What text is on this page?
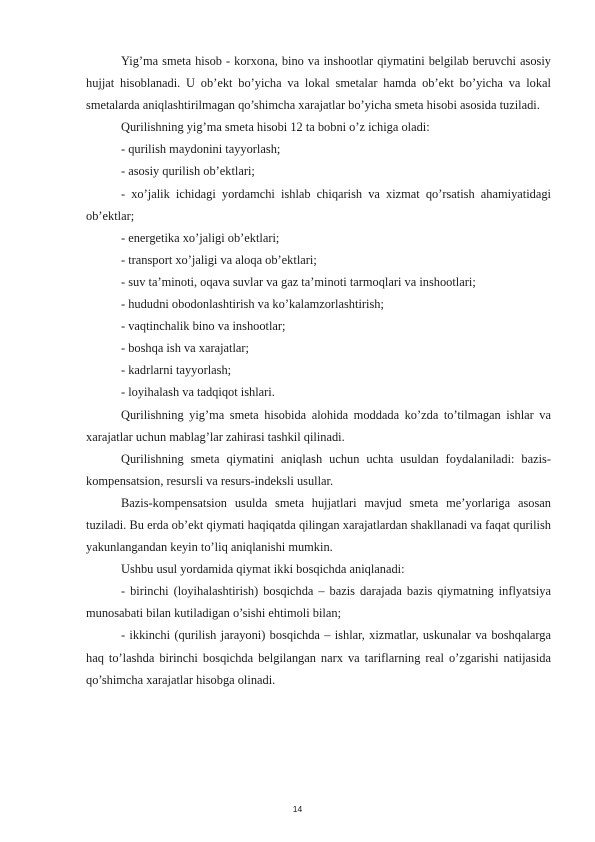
Yig’ma smeta hisob - korxona, bino va inshootlar qiymatini belgilab beruvchi asosiy hujjat hisoblanadi. U ob’ekt bo’yicha va lokal smetalar hamda ob’ekt bo’yicha va lokal smetalarda aniqlashtirilmagan qo’shimcha xarajatlar bo’yicha smeta hisobi asosida tuziladi.

Qurilishning yig’ma smeta hisobi 12 ta bobni o’z ichiga oladi:

- qurilish maydonini tayyorlash;

- asosiy qurilish ob’ektlari;

- xo’jalik ichidagi yordamchi ishlab chiqarish va xizmat qo’rsatish ahamiyatidagi ob’ektlar;

- energetika xo’jaligi ob’ektlari;

- transport xo’jaligi va aloqa ob’ektlari;

- suv ta’minoti, oqava suvlar va gaz ta’minoti tarmoqlari va inshootlari;

- hududni obodonlashtirish va ko’kalamzorlashtirish;

- vaqtinchalik bino va inshootlar;

- boshqa ish va xarajatlar;

- kadrlarni tayyorlash;

- loyihalash va tadqiqot ishlari.

Qurilishning yig’ma smeta hisobida alohida moddada ko’zda to’tilmagan ishlar va xarajatlar uchun mablag’lar zahirasi tashkil qilinadi.

Qurilishning smeta qiymatini aniqlash uchun uchta usuldan foydalaniladi: bazis-kompensatsion, resursli va resurs-indeksli usullar.

Bazis-kompensatsion usulda smeta hujjatlari mavjud smeta me’yorlariga asosan tuziladi. Bu erda ob’ekt qiymati haqiqatda qilingan xarajatlardan shakllanadi va faqat qurilish yakunlangandan keyin to’liq aniqlanishi mumkin.

Ushbu usul yordamida qiymat ikki bosqichda aniqlanadi:

- birinchi (loyihalashtirish) bosqichda – bazis darajada bazis qiymatning inflyatsiya munosabati bilan kutiladigan o’sishi ehtimoli bilan;

- ikkinchi (qurilish jarayoni) bosqichda – ishlar, xizmatlar, uskunalar va boshqalarga haq to’lashda birinchi bosqichda belgilangan narx va tariflarning real o’zgarishi natijasida qo’shimcha xarajatlar hisobga olinadi.

14
